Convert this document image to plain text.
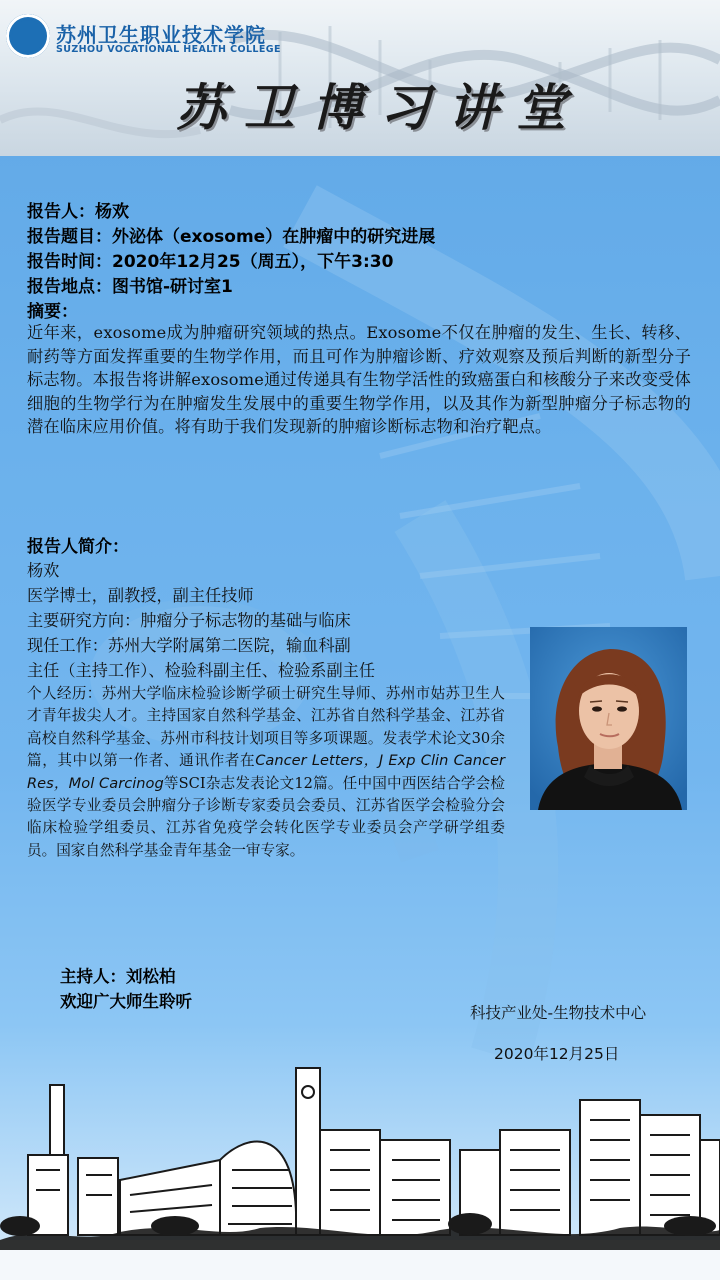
苏州卫生职业技术学院
SUZHOU VOCATIONAL HEALTH COLLEGE
苏卫博习讲堂
报告人：杨欢
报告题目：外泌体（exosome）在肿瘤中的研究进展
报告时间：2020年12月25（周五），下午3:30
报告地点：图书馆-研讨室1
摘要：
近年来，exosome成为肿瘤研究领域的热点。Exosome不仅在肿瘤的发生、生长、转移、耐药等方面发挥重要的生物学作用，而且可作为肿瘤诊断、疗效观察及预后判断的新型分子标志物。本报告将讲解exosome通过传递具有生物学活性的致癌蛋白和核酸分子来改变受体细胞的生物学行为在肿瘤发生发展中的重要生物学作用，以及其作为新型肿瘤分子标志物的潜在临床应用价值。将有助于我们发现新的肿瘤诊断标志物和治疗靶点。
报告人简介：
杨欢
医学博士，副教授，副主任技师
主要研究方向：肿瘤分子标志物的基础与临床
现任工作：苏州大学附属第二医院，输血科副
主任（主持工作）、检验科副主任、检验系副主任
个人经历：苏州大学临床检验诊断学硕士研究生导师、苏州市姑苏卫生人才青年拔尖人才。主持国家自然科学基金、江苏省自然科学基金、江苏省高校自然科学基金、苏州市科技计划项目等多项课题。发表学术论文30余篇，其中以第一作者、通讯作者在Cancer Letters，J Exp Clin Cancer Res，Mol Carcinog等SCI杂志发表论文12篇。任中国中西医结合学会检验医学专业委员会肿瘤分子诊断专家委员会委员、江苏省医学会检验分会临床检验学组委员、江苏省免疫学会转化医学专业委员会产学研学组委员。国家自然科学基金青年基金一审专家。
主持人：刘松柏
欢迎广大师生聆听
科技产业处-生物技术中心
2020年12月25日
